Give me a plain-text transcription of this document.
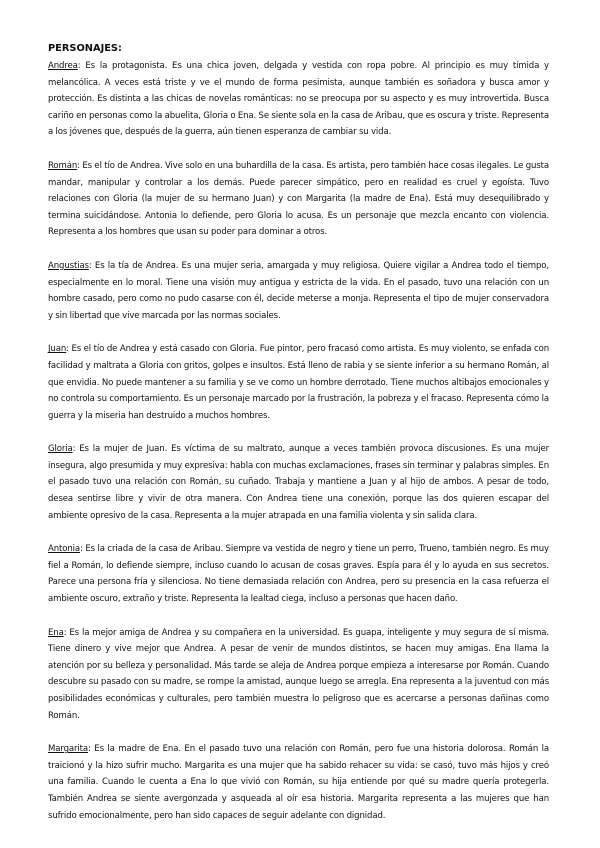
PERSONAJES:

Andrea: Es la protagonista. Es una chica joven, delgada y vestida con ropa pobre. Al principio es muy tímida y melancólica. A veces está triste y ve el mundo de forma pesimista, aunque también es soñadora y busca amor y protección. Es distinta a las chicas de novelas románticas: no se preocupa por su aspecto y es muy introvertida. Busca cariño en personas como la abuelita, Gloria o Ena. Se siente sola en la casa de Aribau, que es oscura y triste. Representa a los jóvenes que, después de la guerra, aún tienen esperanza de cambiar su vida.

Román: Es el tío de Andrea. Vive solo en una buhardilla de la casa. Es artista, pero también hace cosas ilegales. Le gusta mandar, manipular y controlar a los demás. Puede parecer simpático, pero en realidad es cruel y egoísta. Tuvo relaciones con Gloria (la mujer de su hermano Juan) y con Margarita (la madre de Ena). Está muy desequilibrado y termina suicidándose. Antonia lo defiende, pero Gloria lo acusa. Es un personaje que mezcla encanto con violencia. Representa a los hombres que usan su poder para dominar a otros.

Angustias: Es la tía de Andrea. Es una mujer seria, amargada y muy religiosa. Quiere vigilar a Andrea todo el tiempo, especialmente en lo moral. Tiene una visión muy antigua y estricta de la vida. En el pasado, tuvo una relación con un hombre casado, pero como no pudo casarse con él, decide meterse a monja. Representa el tipo de mujer conservadora y sin libertad que vive marcada por las normas sociales.

Juan: Es el tío de Andrea y está casado con Gloria. Fue pintor, pero fracasó como artista. Es muy violento, se enfada con facilidad y maltrata a Gloria con gritos, golpes e insultos. Está lleno de rabia y se siente inferior a su hermano Román, al que envidia. No puede mantener a su familia y se ve como un hombre derrotado. Tiene muchos altibajos emocionales y no controla su comportamiento. Es un personaje marcado por la frustración, la pobreza y el fracaso. Representa cómo la guerra y la miseria han destruido a muchos hombres.

Gloria: Es la mujer de Juan. Es víctima de su maltrato, aunque a veces también provoca discusiones. Es una mujer insegura, algo presumida y muy expresiva: habla con muchas exclamaciones, frases sin terminar y palabras simples. En el pasado tuvo una relación con Román, su cuñado. Trabaja y mantiene a Juan y al hijo de ambos. A pesar de todo, desea sentirse libre y vivir de otra manera. Con Andrea tiene una conexión, porque las dos quieren escapar del ambiente opresivo de la casa. Representa a la mujer atrapada en una familia violenta y sin salida clara.

Antonia: Es la criada de la casa de Aribau. Siempre va vestida de negro y tiene un perro, Trueno, también negro. Es muy fiel a Román, lo defiende siempre, incluso cuando lo acusan de cosas graves. Espía para él y lo ayuda en sus secretos. Parece una persona fría y silenciosa. No tiene demasiada relación con Andrea, pero su presencia en la casa refuerza el ambiente oscuro, extraño y triste. Representa la lealtad ciega, incluso a personas que hacen daño.

Ena: Es la mejor amiga de Andrea y su compañera en la universidad. Es guapa, inteligente y muy segura de sí misma. Tiene dinero y vive mejor que Andrea. A pesar de venir de mundos distintos, se hacen muy amigas. Ena llama la atención por su belleza y personalidad. Más tarde se aleja de Andrea porque empieza a interesarse por Román. Cuando descubre su pasado con su madre, se rompe la amistad, aunque luego se arregla. Ena representa a la juventud con más posibilidades económicas y culturales, pero también muestra lo peligroso que es acercarse a personas dañinas como Román.

Margarita: Es la madre de Ena. En el pasado tuvo una relación con Román, pero fue una historia dolorosa. Román la traicionó y la hizo sufrir mucho. Margarita es una mujer que ha sabido rehacer su vida: se casó, tuvo más hijos y creó una familia. Cuando le cuenta a Ena lo que vivió con Román, su hija entiende por qué su madre quería protegerla. También Andrea se siente avergonzada y asqueada al oír esa historia. Margarita representa a las mujeres que han sufrido emocionalmente, pero han sido capaces de seguir adelante con dignidad.
